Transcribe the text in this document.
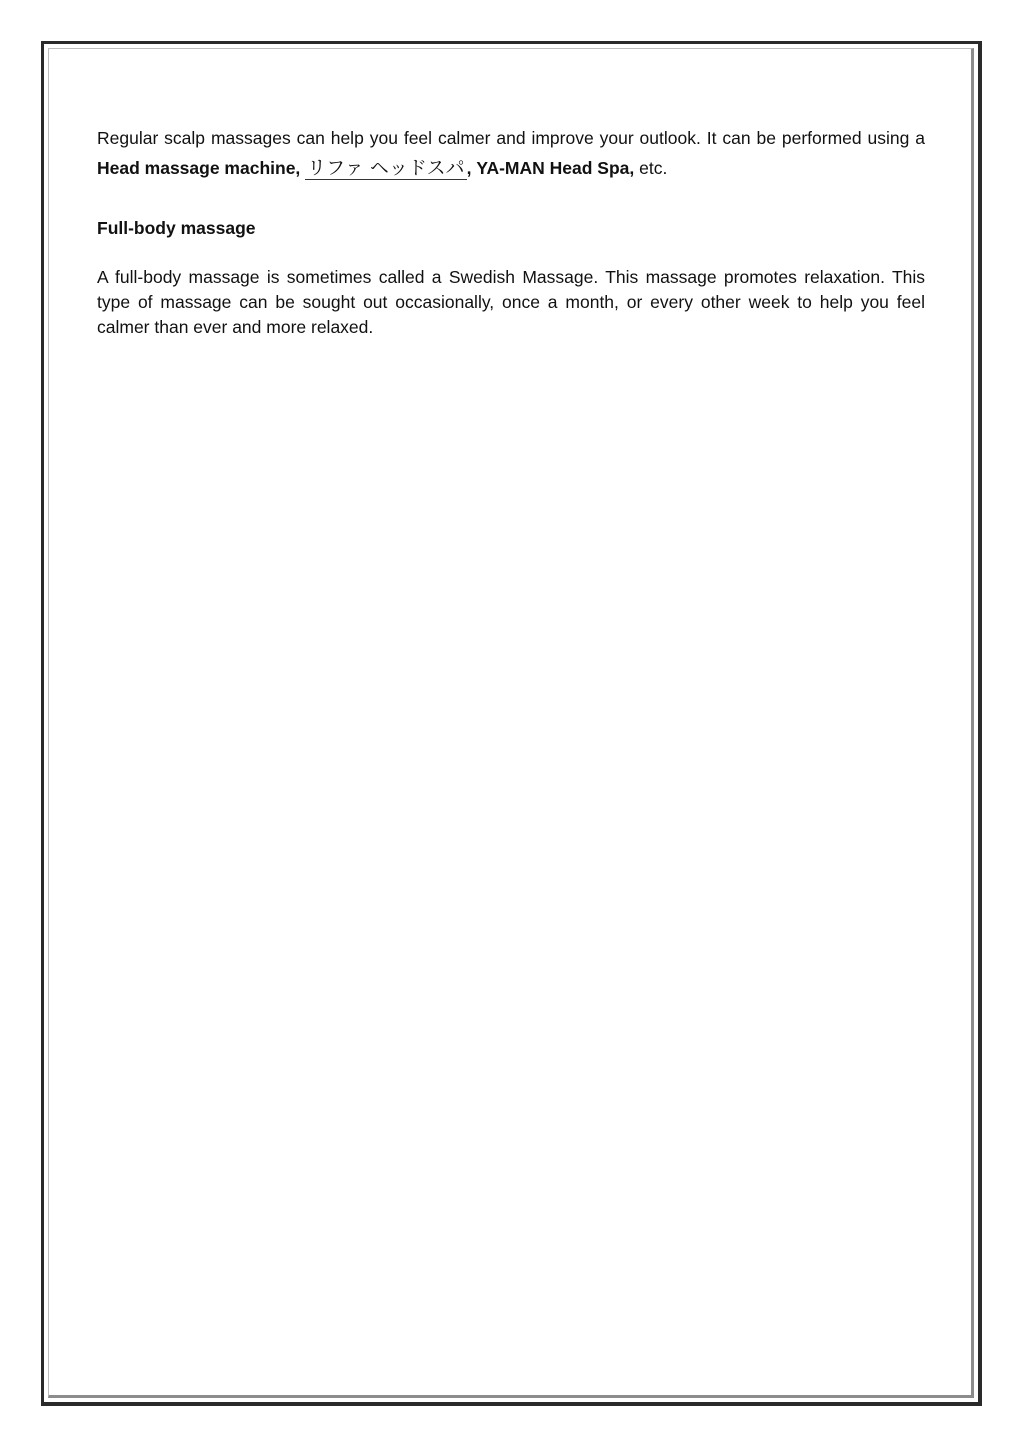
Regular scalp massages can help you feel calmer and improve your outlook. It can be performed using a Head massage machine, リファ ヘッドスパ , YA-MAN Head Spa, etc.

Full-body massage

A full-body massage is sometimes called a Swedish Massage. This massage promotes relaxation. This type of massage can be sought out occasionally, once a month, or every other week to help you feel calmer than ever and more relaxed.
